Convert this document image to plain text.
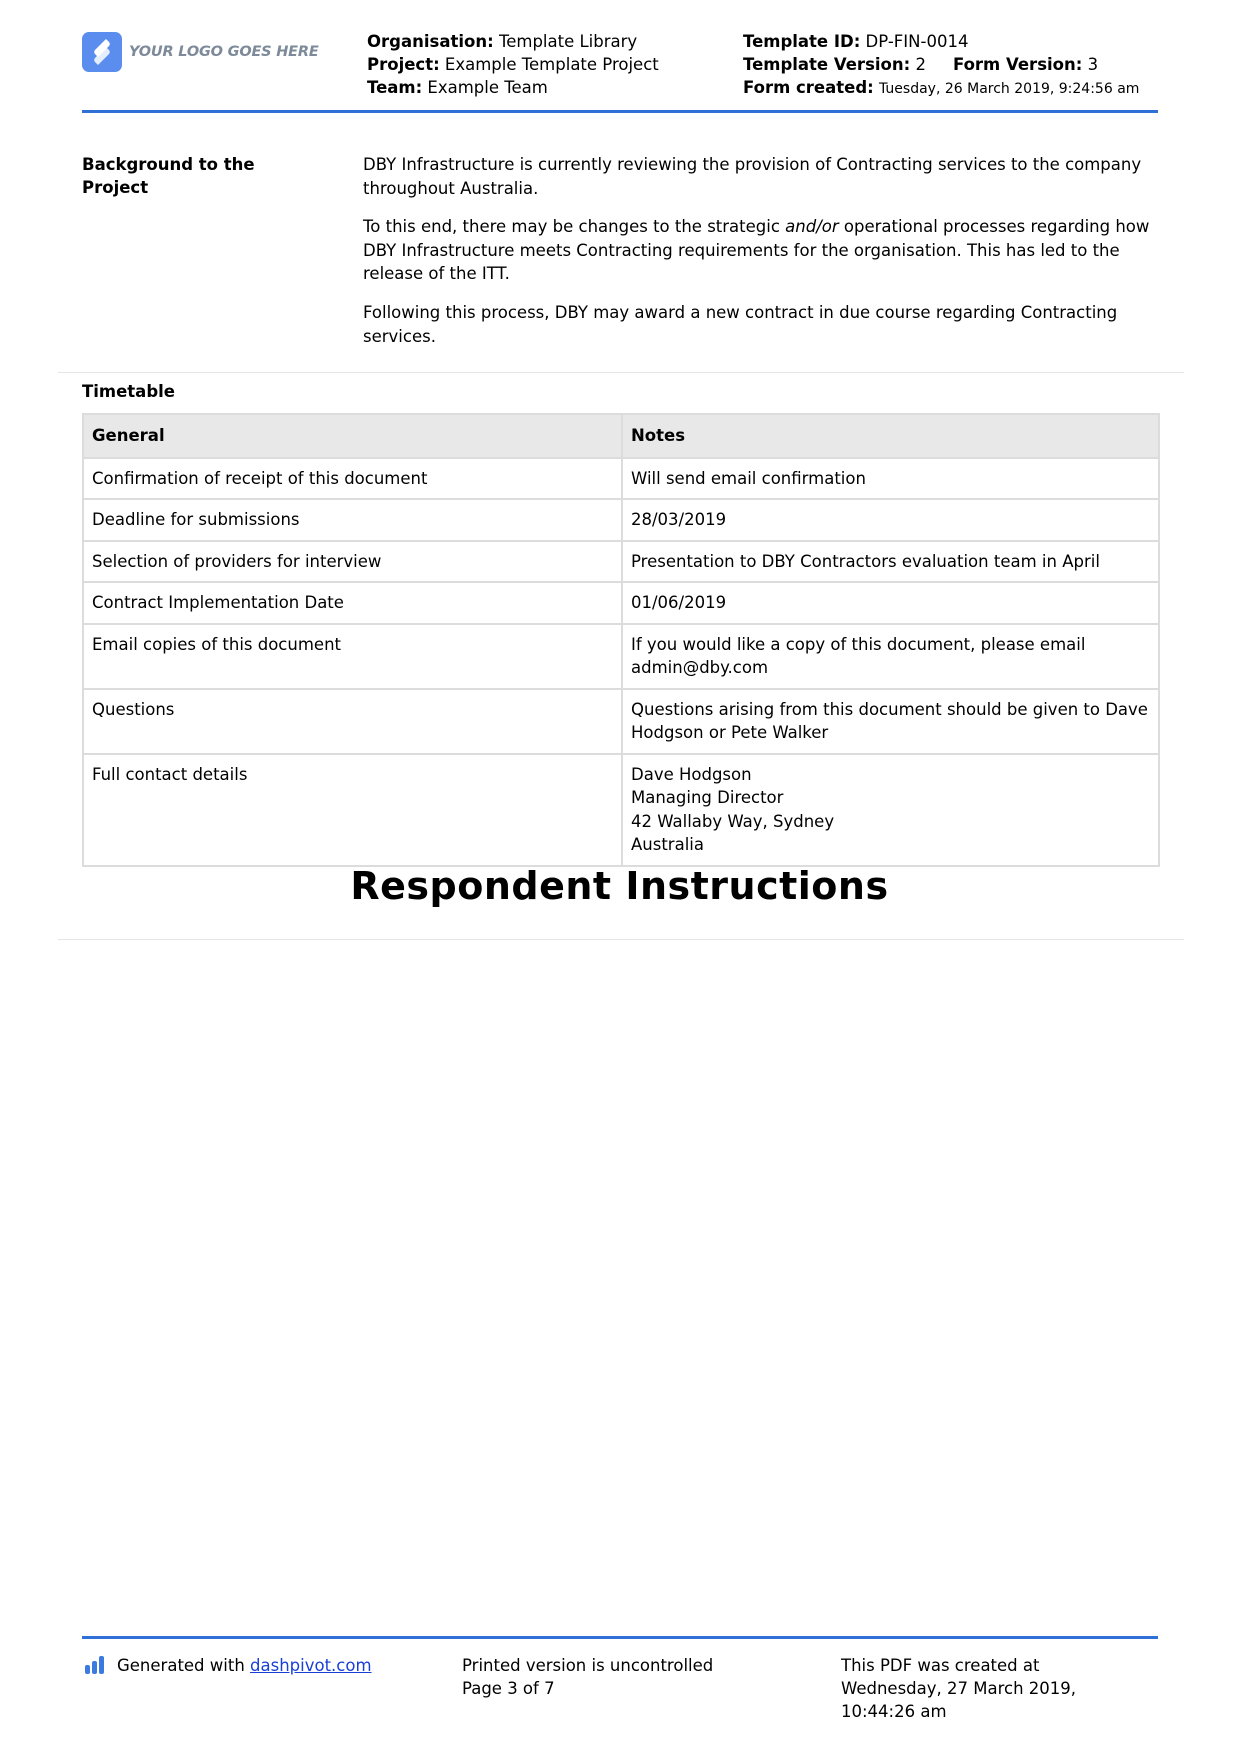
YOUR LOGO GOES HERE
Organisation: Template Library
Project: Example Template Project
Team: Example Team
Template ID: DP-FIN-0014
Template Version: 2 Form Version: 3
Form created: Tuesday, 26 March 2019, 9:24:56 am
Background to the
Project
DBY Infrastructure is currently reviewing the provision of Contracting services to the company throughout Australia.
To this end, there may be changes to the strategic and/or operational processes regarding how DBY Infrastructure meets Contracting requirements for the organisation. This has led to the release of the ITT.
Following this process, DBY may award a new contract in due course regarding Contracting services.
Timetable
General	Notes
Confirmation of receipt of this document	Will send email confirmation
Deadline for submissions	28/03/2019
Selection of providers for interview	Presentation to DBY Contractors evaluation team in April
Contract Implementation Date	01/06/2019
Email copies of this document	If you would like a copy of this document, please email admin@dby.com
Questions	Questions arising from this document should be given to Dave Hodgson or Pete Walker
Full contact details	Dave Hodgson
Managing Director
42 Wallaby Way, Sydney
Australia
Respondent Instructions
Generated with dashpivot.com	Printed version is uncontrolled
Page 3 of 7
This PDF was created at
Wednesday, 27 March 2019,
10:44:26 am
